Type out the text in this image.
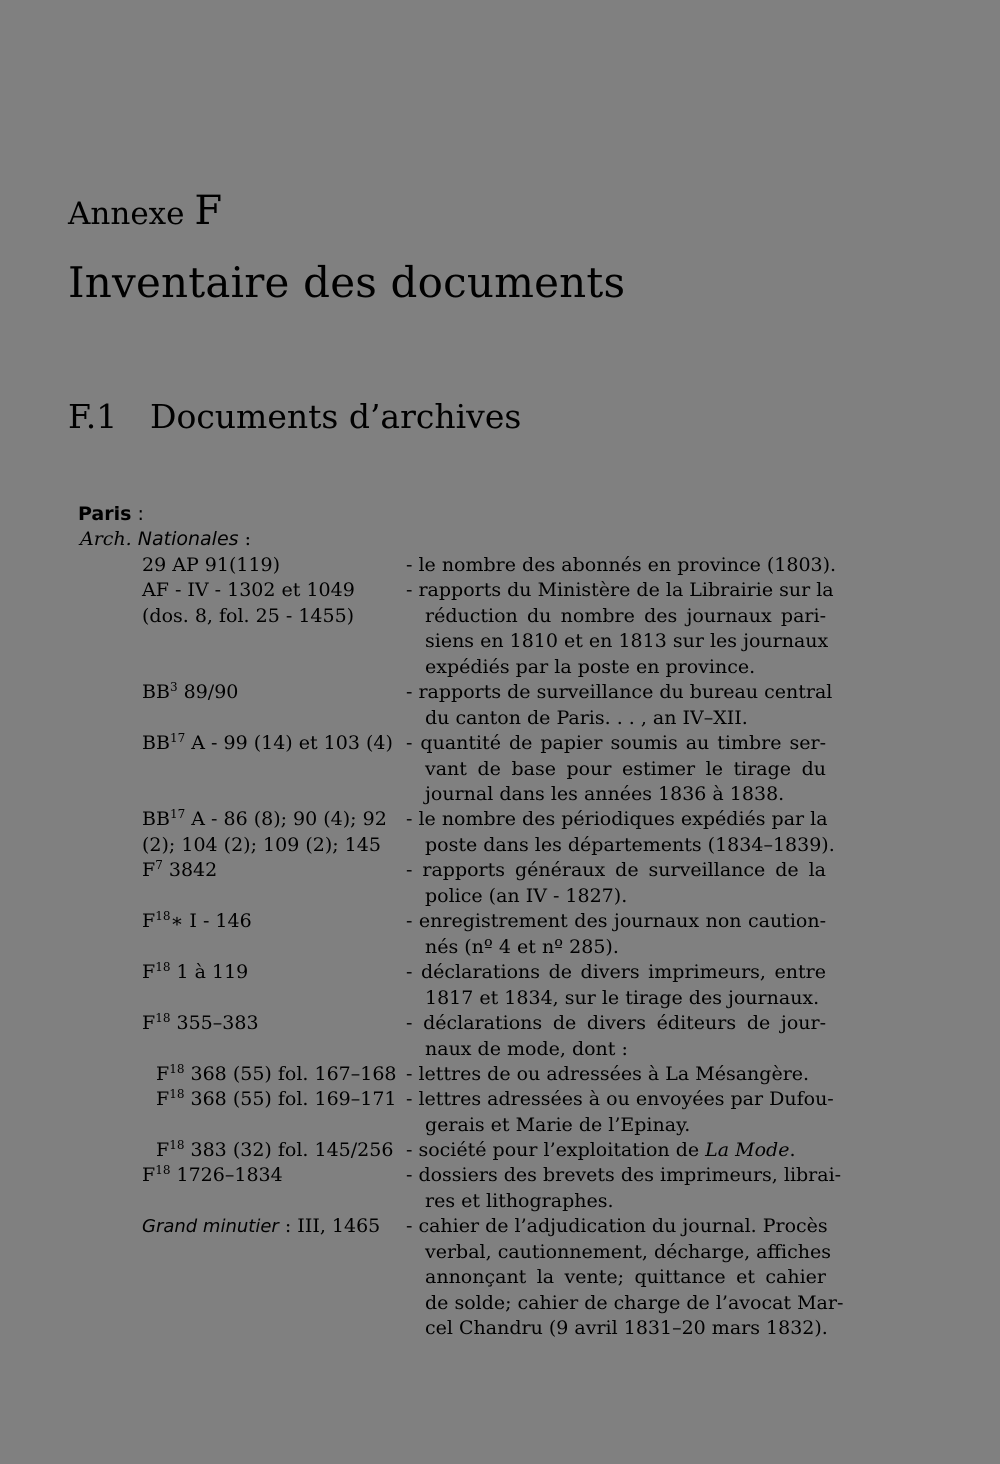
Annexe F
Inventaire des documents
F.1 Documents d’archives
Paris :
Arch. Nationales :
29 AP 91(119)	- le nombre des abonnés en province (1803).
AF - IV - 1302 et 1049
(dos. 8, fol. 25 - 1455)
- rapports du Ministère de la Librairie sur la
réduction du nombre des journaux pari-
siens en 1810 et en 1813 sur les journaux
expédiés par la poste en province.
$BB^3$ 89/90	- rapports de surveillance du bureau central
du canton de Paris. . . , an IV–XII.
BB$^{17}$ A - 99 (14) et 103 (4) - quantité de papier soumis au timbre ser-
vant de base pour estimer le tirage du
journal dans les années 1836 à 1838.
BB$^{17}$ A - 86 (8); 90 (4); 92
(2); 104 (2); 109 (2); 145
- le nombre des périodiques expédiés par la
poste dans les départements (1834–1839).
$F^7$ 3842	- rapports généraux de surveillance de la
police (an IV - 1827).
$F^{18}∗$ I - 146	- enregistrement des journaux non caution-
nés (nº 4 et nº 285).
$F^{18}$ 1 à 119	- déclarations de divers imprimeurs, entre
1817 et 1834, sur le tirage des journaux.
$F^{18}$ 355–383	- déclarations de divers éditeurs de jour-
naux de mode, dont :
$F^{18}$ 368 (55) fol. 167–168 - lettres de ou adressées à La Mésangère.
$F^{18}$ 368 (55) fol. 169–171 - lettres adressées à ou envoyées par Dufou-
gerais et Marie de l’Epinay.
$F^{18}$ 383 (32) fol. 145/256 - société pour l’exploitation de La Mode.
$F^{18}$ 1726–1834	- dossiers des brevets des imprimeurs, librai-
res et lithographes.
Grand minutier : III, 1465 - cahier de l’adjudication du journal. Procès
verbal, cautionnement, décharge, affiches
annonçant la vente; quittance et cahier
de solde; cahier de charge de l’avocat Mar-
cel Chandru (9 avril 1831–20 mars 1832).
